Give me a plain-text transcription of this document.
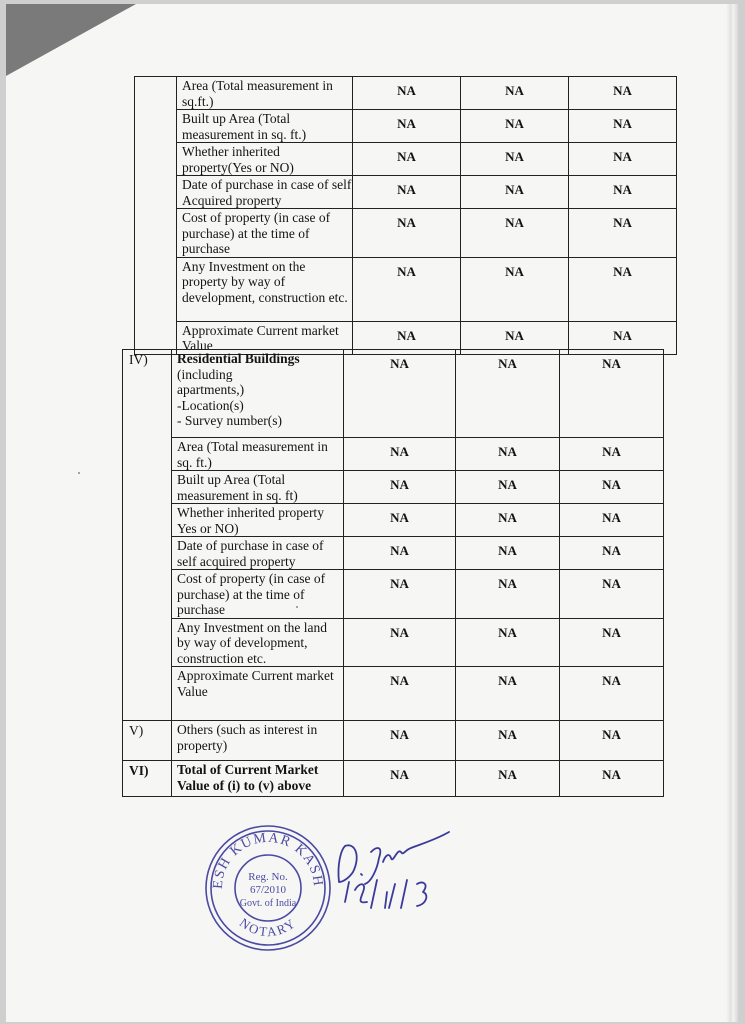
	Area (Total measurement in sq.ft.)	NA	NA	NA
	Built up Area (Total measurement in sq. ft.)	NA	NA	NA
	Whether inherited property(Yes or NO)	NA	NA	NA
	Date of purchase in case of self Acquired property	NA	NA	NA
	Cost of property (in case of purchase) at the time of purchase	NA	NA	NA
	Any Investment on the property by way of development, construction etc.	NA	NA	NA
	Approximate Current market Value	NA	NA	NA
IV)	Residential Buildings
(including
apartments,)
-Location(s)
- Survey number(s)	NA	NA	NA
	Area (Total measurement in sq. ft.)	NA	NA	NA
	Built up Area (Total measurement in sq. ft)	NA	NA	NA
	Whether inherited property Yes or NO)	NA	NA	NA
	Date of purchase in case of self acquired property	NA	NA	NA
	Cost of property (in case of purchase) at the time of purchase	NA	NA	NA
	Any Investment on the land by way of development, construction etc.	NA	NA	NA
	Approximate Current market Value	NA	NA	NA
V)	Others (such as interest in property)	NA	NA	NA
VI)	Total of Current Market Value of (i) to (v) above	NA	NA	NA
ESH KUMAR KASH
NOTARY
Reg. No.
67/2010
Govt. of India
